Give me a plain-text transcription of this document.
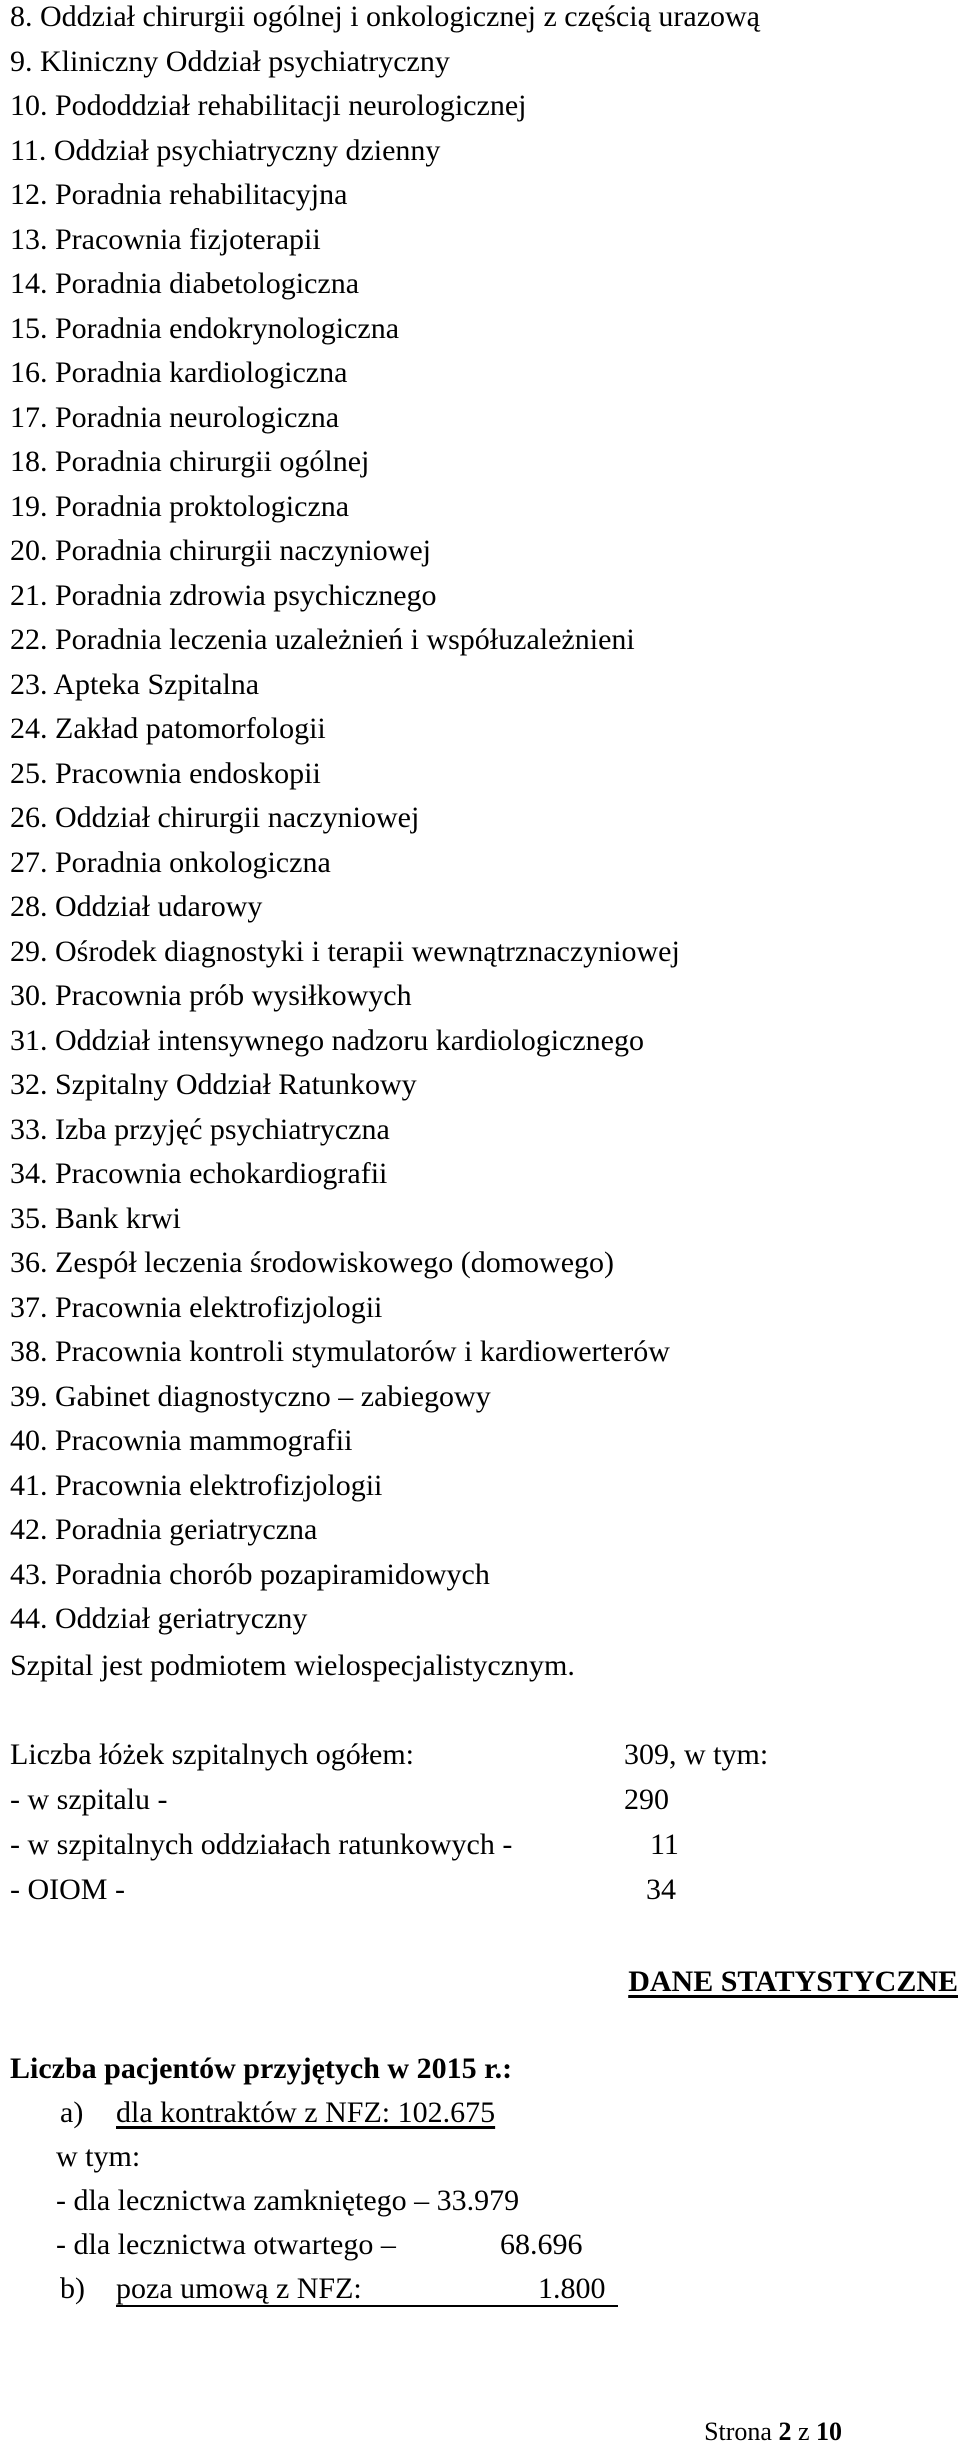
8. Oddział chirurgii ogólnej i onkologicznej z częścią urazową
9. Kliniczny Oddział psychiatryczny
10. Pododdział rehabilitacji neurologicznej
11. Oddział psychiatryczny dzienny
12. Poradnia rehabilitacyjna
13. Pracownia fizjoterapii
14. Poradnia diabetologiczna
15. Poradnia endokrynologiczna
16. Poradnia kardiologiczna
17. Poradnia neurologiczna
18. Poradnia chirurgii ogólnej
19. Poradnia proktologiczna
20. Poradnia chirurgii naczyniowej
21. Poradnia zdrowia psychicznego
22. Poradnia leczenia uzależnień i współuzależnieni
23. Apteka Szpitalna
24. Zakład patomorfologii
25. Pracownia endoskopii
26. Oddział chirurgii naczyniowej
27. Poradnia onkologiczna
28. Oddział udarowy
29. Ośrodek diagnostyki i terapii wewnątrznaczyniowej
30. Pracownia prób wysiłkowych
31. Oddział intensywnego nadzoru kardiologicznego
32. Szpitalny Oddział Ratunkowy
33. Izba przyjęć psychiatryczna
34. Pracownia echokardiografii
35. Bank krwi
36. Zespół leczenia środowiskowego (domowego)
37. Pracownia elektrofizjologii
38. Pracownia kontroli stymulatorów i kardiowerterów
39. Gabinet diagnostyczno – zabiegowy
40. Pracownia mammografii
41. Pracownia elektrofizjologii
42. Poradnia geriatryczna
43. Poradnia chorób pozapiramidowych
44. Oddział geriatryczny
Szpital jest podmiotem wielospecjalistycznym.
Liczba łóżek szpitalnych ogółem:	309, w tym:
- w szpitalu -	290
- w szpitalnych oddziałach ratunkowych -	11
- OIOM -	34
DANE STATYSTYCZNE
Liczba pacjentów przyjętych w 2015 r.:
a) dla kontraktów z NFZ: 102.675
w tym:
- dla lecznictwa zamkniętego – 33.979
- dla lecznictwa otwartego –	68.696
b) poza umową z NFZ:	1.800
Strona 2 z 10
